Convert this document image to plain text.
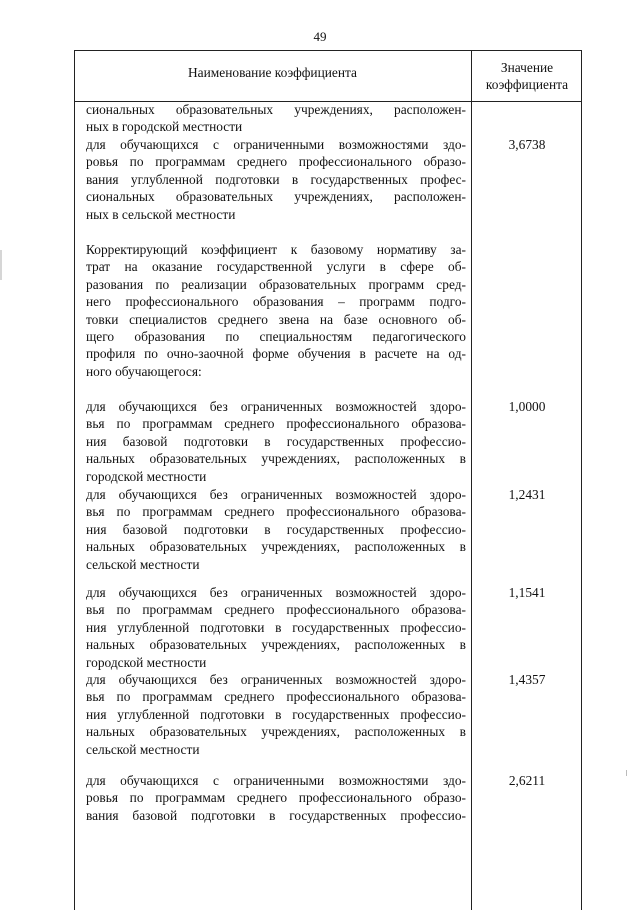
49
Наименование коэффициента	Значение
коэффициента
сиональных образовательных учреждениях, расположен-
ных в городской местности
для обучающихся с ограниченными возможностями здо-
ровья по программам среднего профессионального образо-
вания углубленной подготовки в государственных профес-
сиональных образовательных учреждениях, расположен-
ных в сельской местности
3,6738
Корректирующий коэффициент к базовому нормативу за-
трат на оказание государственной услуги в сфере об-
разования по реализации образовательных программ сред-
него профессионального образования – программ подго-
товки специалистов среднего звена на базе основного об-
щего образования по специальностям педагогического
профиля по очно-заочной форме обучения в расчете на од-
ного обучающегося:
для обучающихся без ограниченных возможностей здоро-
вья по программам среднего профессионального образова-
ния базовой подготовки в государственных профессио-
нальных образовательных учреждениях, расположенных в
городской местности
1,0000
для обучающихся без ограниченных возможностей здоро-
вья по программам среднего профессионального образова-
ния базовой подготовки в государственных профессио-
нальных образовательных учреждениях, расположенных в
сельской местности
1,2431
для обучающихся без ограниченных возможностей здоро-
вья по программам среднего профессионального образова-
ния углубленной подготовки в государственных профессио-
нальных образовательных учреждениях, расположенных в
городской местности
1,1541
для обучающихся без ограниченных возможностей здоро-
вья по программам среднего профессионального образова-
ния углубленной подготовки в государственных профессио-
нальных образовательных учреждениях, расположенных в
сельской местности
1,4357
для обучающихся с ограниченными возможностями здо-
ровья по программам среднего профессионального образо-
вания базовой подготовки в государственных профессио-
2,6211
